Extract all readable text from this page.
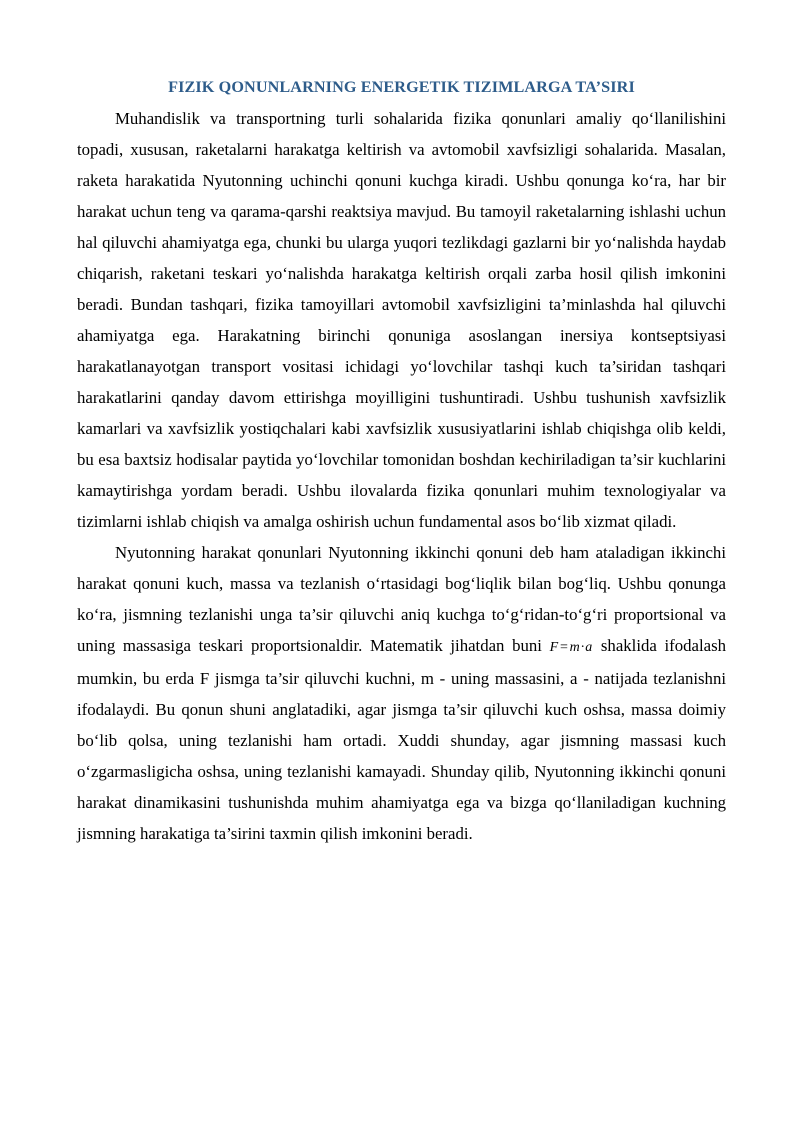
FIZIK QONUNLARNING ENERGETIK TIZIMLARGA TA’SIRI

Muhandislik va transportning turli sohalarida fizika qonunlari amaliy qo‘llanilishini topadi, xususan, raketalarni harakatga keltirish va avtomobil xavfsizligi sohalarida. Masalan, raketa harakatida Nyutonning uchinchi qonuni kuchga kiradi. Ushbu qonunga ko‘ra, har bir harakat uchun teng va qarama-qarshi reaktsiya mavjud. Bu tamoyil raketalarning ishlashi uchun hal qiluvchi ahamiyatga ega, chunki bu ularga yuqori tezlikdagi gazlarni bir yo‘nalishda haydab chiqarish, raketani teskari yo‘nalishda harakatga keltirish orqali zarba hosil qilish imkonini beradi. Bundan tashqari, fizika tamoyillari avtomobil xavfsizligini ta’minlashda hal qiluvchi ahamiyatga ega. Harakatning birinchi qonuniga asoslangan inersiya kontseptsiyasi harakatlanayotgan transport vositasi ichidagi yo‘lovchilar tashqi kuch ta’siridan tashqari harakatlarini qanday davom ettirishga moyilligini tushuntiradi. Ushbu tushunish xavfsizlik kamarlari va xavfsizlik yostiqchalari kabi xavfsizlik xususiyatlarini ishlab chiqishga olib keldi, bu esa baxtsiz hodisalar paytida yo‘lovchilar tomonidan boshdan kechiriladigan ta’sir kuchlarini kamaytirishga yordam beradi. Ushbu ilovalarda fizika qonunlari muhim texnologiyalar va tizimlarni ishlab chiqish va amalga oshirish uchun fundamental asos bo‘lib xizmat qiladi.

Nyutonning harakat qonunlari Nyutonning ikkinchi qonuni deb ham ataladigan ikkinchi harakat qonuni kuch, massa va tezlanish o‘rtasidagi bog‘liqlik bilan bog‘liq. Ushbu qonunga ko‘ra, jismning tezlanishi unga ta’sir qiluvchi aniq kuchga to‘g‘ridan-to‘g‘ri proportsional va uning massasiga teskari proportsionaldir. Matematik jihatdan buni F=m·a shaklida ifodalash mumkin, bu erda F jismga ta’sir qiluvchi kuchni, m - uning massasini, a - natijada tezlanishni ifodalaydi. Bu qonun shuni anglatadiki, agar jismga ta’sir qiluvchi kuch oshsa, massa doimiy bo‘lib qolsa, uning tezlanishi ham ortadi. Xuddi shunday, agar jismning massasi kuch o‘zgarmasligicha oshsa, uning tezlanishi kamayadi. Shunday qilib, Nyutonning ikkinchi qonuni harakat dinamikasini tushunishda muhim ahamiyatga ega va bizga qo‘llaniladigan kuchning jismning harakatiga ta’sirini taxmin qilish imkonini beradi.
